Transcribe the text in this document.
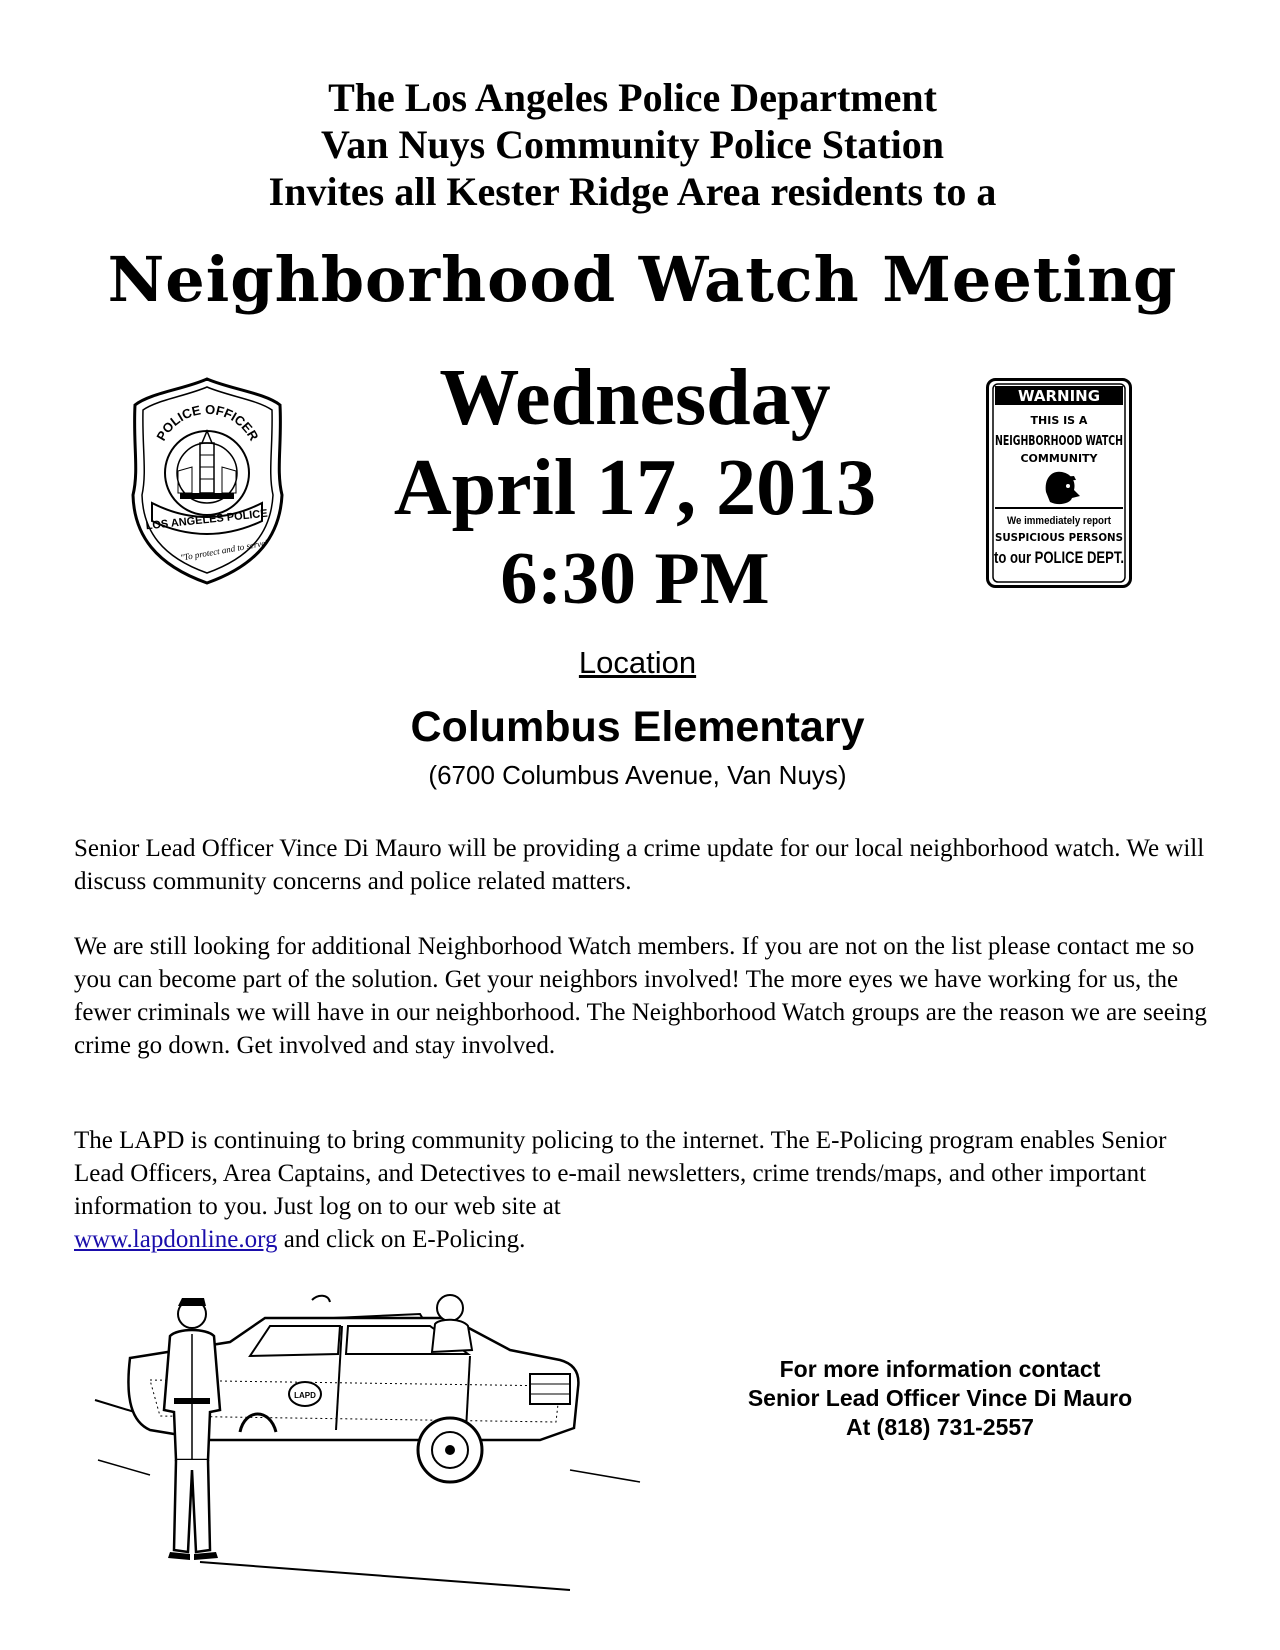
The Los Angeles Police Department
Van Nuys Community Police Station
Invites all Kester Ridge Area residents to a
Neighborhood Watch Meeting
POLICE OFFICER
LOS ANGELES POLICE
"To protect and to serve"
Wednesday
April 17, 2013
6:30 PM
WARNING
THIS IS A
NEIGHBORHOOD WATCH
COMMUNITY
We immediately report
SUSPICIOUS PERSONS
to our POLICE DEPT.
Location
Columbus Elementary
(6700 Columbus Avenue, Van Nuys)
Senior Lead Officer Vince Di Mauro will be providing a crime update for our local neighborhood watch. We will discuss community concerns and police related matters.
We are still looking for additional Neighborhood Watch members. If you are not on the list please contact me so you can become part of the solution. Get your neighbors involved! The more eyes we have working for us, the fewer criminals we will have in our neighborhood. The Neighborhood Watch groups are the reason we are seeing crime go down. Get involved and stay involved.
The LAPD is continuing to bring community policing to the internet. The E-Policing program enables Senior Lead Officers, Area Captains, and Detectives to e-mail newsletters, crime trends/maps, and other important information to you. Just log on to our web site at
www.lapdonline.org and click on E-Policing.
LAPD
For more information contact
Senior Lead Officer Vince Di Mauro
At (818) 731-2557
